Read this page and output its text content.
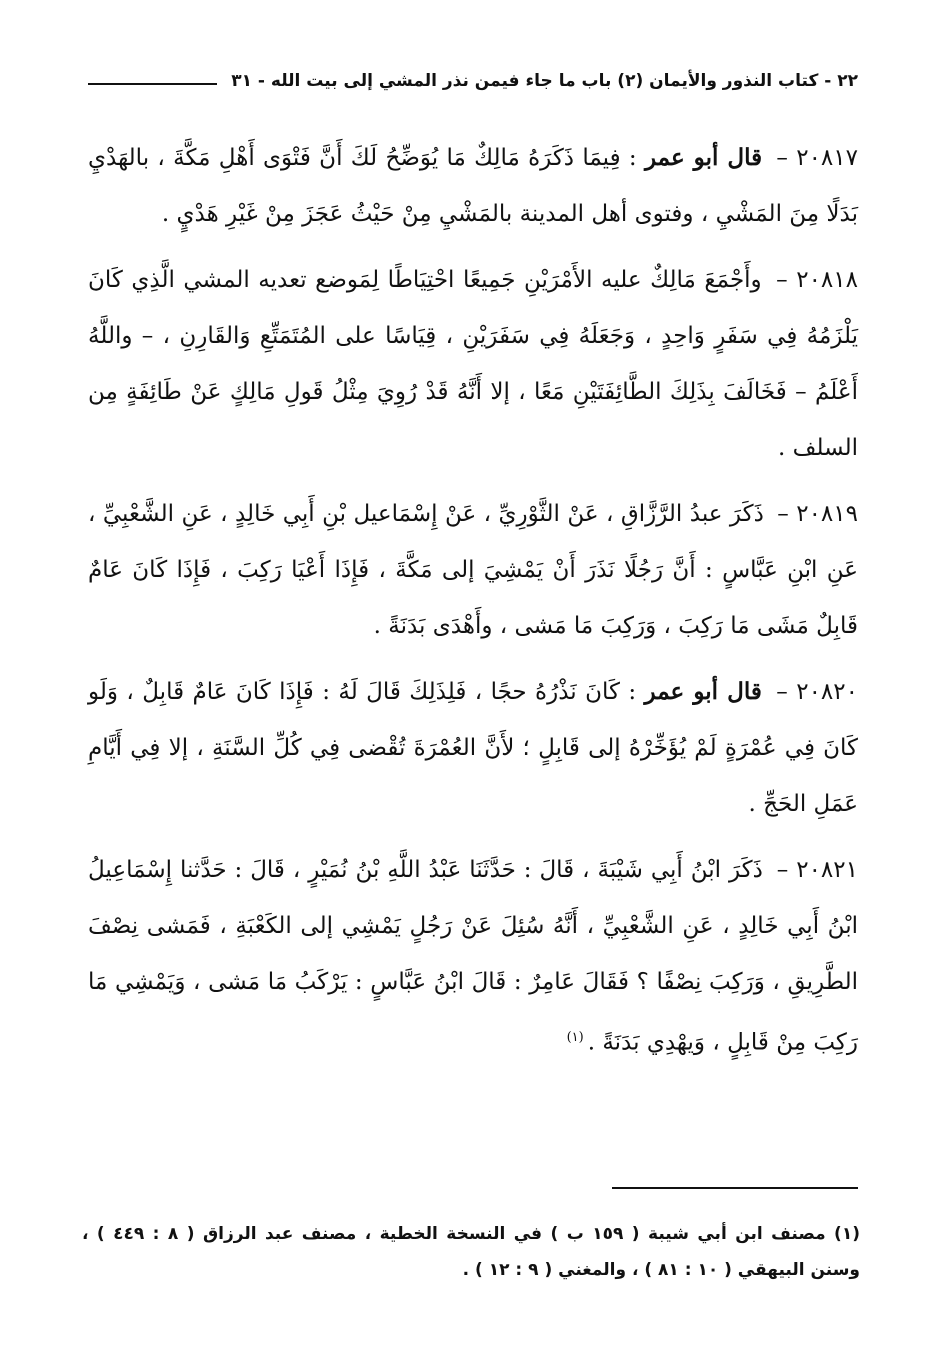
٢٢ - كتاب النذور والأيمان (٢) باب ما جاء فيمن نذر المشي إلى بيت الله - ٣١

٢٠٨١٧ – قال أبو عمر : فِيمَا ذَكَرَهُ مَالِكٌ مَا يُوَضِّحُ لَكَ أَنَّ فَتْوَى أَهْلِ مَكَّةَ ، بالهَدْيِ بَدَلًا مِنَ المَشْيِ ، وفتوى أهل المدينة بالمَشْيِ مِنْ حَيْثُ عَجَزَ مِنْ غَيْرِ هَدْيٍ .

٢٠٨١٨ – وأَجْمَعَ مَالِكٌ عليه الأَمْرَيْنِ جَمِيعًا احْتِيَاطًا لِمَوضع تعديه المشي الَّذِي كَانَ يَلْزَمُهُ فِي سَفَرٍ وَاحِدٍ ، وَجَعَلَهُ فِي سَفَرَيْنِ ، قِيَاسًا على المُتَمَتِّعِ وَالقَارِنِ ، – واللَّهُ أَعْلَمُ – فَخَالَفَ بِذَلِكَ الطَّائِفَتَيْنِ مَعًا ، إلا أَنَّهُ قَدْ رُوِيَ مِثْلُ قَولِ مَالِكٍ عَنْ طَائِفَةٍ مِن السلف .

٢٠٨١٩ – ذَكَرَ عبدُ الرَّزَّاقِ ، عَنْ الثَّوْرِيِّ ، عَنْ إِسْمَاعيل بْنِ أَبِي خَالِدٍ ، عَنِ الشَّعْبِيِّ ، عَنِ ابْنِ عَبَّاسٍ : أَنَّ رَجُلًا نَذَرَ أَنْ يَمْشِيَ إلى مَكَّةَ ، فَإِذَا أَعْيَا رَكِبَ ، فَإِذَا كَانَ عَامٌ قَابِلٌ مَشَى مَا رَكِبَ ، وَرَكِبَ مَا مَشى ، وأَهْدَى بَدَنَةً .

٢٠٨٢٠ – قال أبو عمر : كَانَ نَذْرُهُ حجًا ، فَلِذَلِكَ قَالَ لَهُ : فَإِذَا كَانَ عَامٌ قَابِلٌ ، وَلَو كَانَ فِي عُمْرَةٍ لَمْ يُؤَخِّرْهُ إلى قَابِلٍ ؛ لأَنَّ العُمْرَةَ تُقْضى فِي كُلِّ السَّنَةِ ، إلا فِي أَيَّامِ عَمَلِ الحَجِّ .

٢٠٨٢١ – ذَكَرَ ابْنُ أَبِي شَيْبَةَ ، قَالَ : حَدَّثَنَا عَبْدُ اللَّهِ بْنُ نُمَيْرٍ ، قَالَ : حَدَّثنا إِسْمَاعِيلُ ابْنُ أَبِي خَالِدٍ ، عَنِ الشَّعْبِيِّ ، أَنَّهُ سُئِلَ عَنْ رَجُلٍ يَمْشِي إلى الكَعْبَةِ ، فَمَشى نِصْفَ الطَّرِيقِ ، وَرَكِبَ نِصْفًا ؟ فَقَالَ عَامِرٌ : قَالَ ابْنُ عَبَّاسٍ : يَرْكَبُ مَا مَشى ، وَيَمْشِي مَا رَكِبَ مِنْ قَابِلٍ ، وَيهْدِي بَدَنَةً .$^{(١)}$

(١) مصنف ابن أبي شيبة ( ١٥٩ ب ) في النسخة الخطية ، مصنف عبد الرزاق ( ٨ : ٤٤٩ ) ، وسنن البيهقي ( ١٠ : ٨١ ) ، والمغني ( ٩ : ١٢ ) .
